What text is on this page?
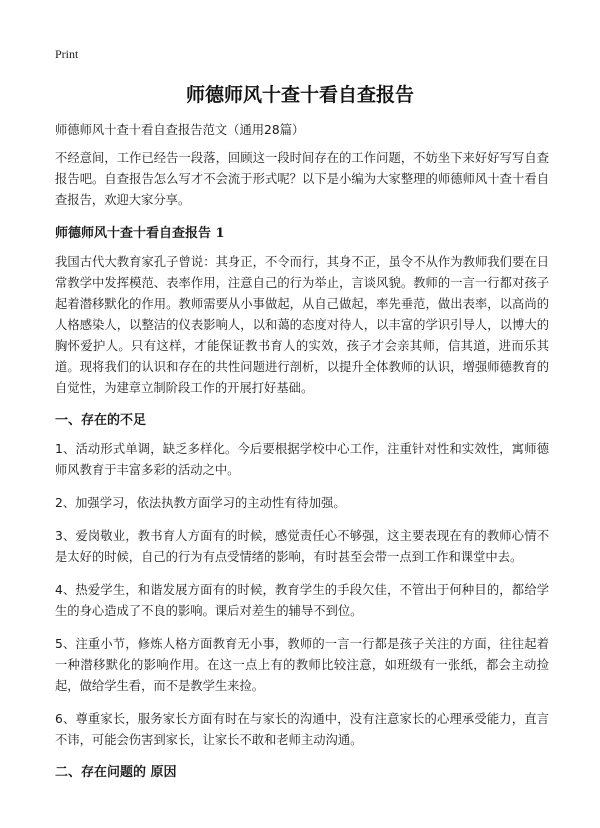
Print
师德师风十查十看自查报告

师德师风十查十看自查报告范文（通用28篇）

不经意间，工作已经告一段落，回顾这一段时间存在的工作问题，不妨坐下来好好写写自查报告吧。自查报告怎么写才不会流于形式呢？以下是小编为大家整理的师德师风十查十看自查报告，欢迎大家分享。

师德师风十查十看自查报告 1

我国古代大教育家孔子曾说：其身正，不令而行，其身不正，虽令不从作为教师我们要在日常教学中发挥模范、表率作用，注意自己的行为举止，言谈风貌。教师的一言一行都对孩子起着潜移默化的作用。教师需要从小事做起，从自己做起，率先垂范，做出表率，以高尚的人格感染人，以整洁的仪表影响人，以和蔼的态度对待人，以丰富的学识引导人，以博大的胸怀爱护人。只有这样，才能保证教书育人的实效，孩子才会亲其师，信其道，进而乐其道。现将我们的认识和存在的共性问题进行剖析，以提升全体教师的认识，增强师德教育的自觉性，为建章立制阶段工作的开展打好基础。

一、存在的不足

1、活动形式单调，缺乏多样化。今后要根据学校中心工作，注重针对性和实效性，寓师德师风教育于丰富多彩的活动之中。

2、加强学习，依法执教方面学习的主动性有待加强。

3、爱岗敬业，教书育人方面有的时候，感觉责任心不够强，这主要表现在有的教师心情不是太好的时候，自己的行为有点受情绪的影响，有时甚至会带一点到工作和课堂中去。

4、热爱学生，和谐发展方面有的时候，教育学生的手段欠佳，不管出于何种目的，都给学生的身心造成了不良的影响。课后对差生的辅导不到位。

5、注重小节，修炼人格方面教育无小事，教师的一言一行都是孩子关注的方面，往往起着一种潜移默化的影响作用。在这一点上有的教师比较注意，如班级有一张纸，都会主动捡起，做给学生看，而不是教学生来捡。

6、尊重家长，服务家长方面有时在与家长的沟通中，没有注意家长的心理承受能力，直言不讳，可能会伤害到家长，让家长不敢和老师主动沟通。

二、存在问题的 原因
